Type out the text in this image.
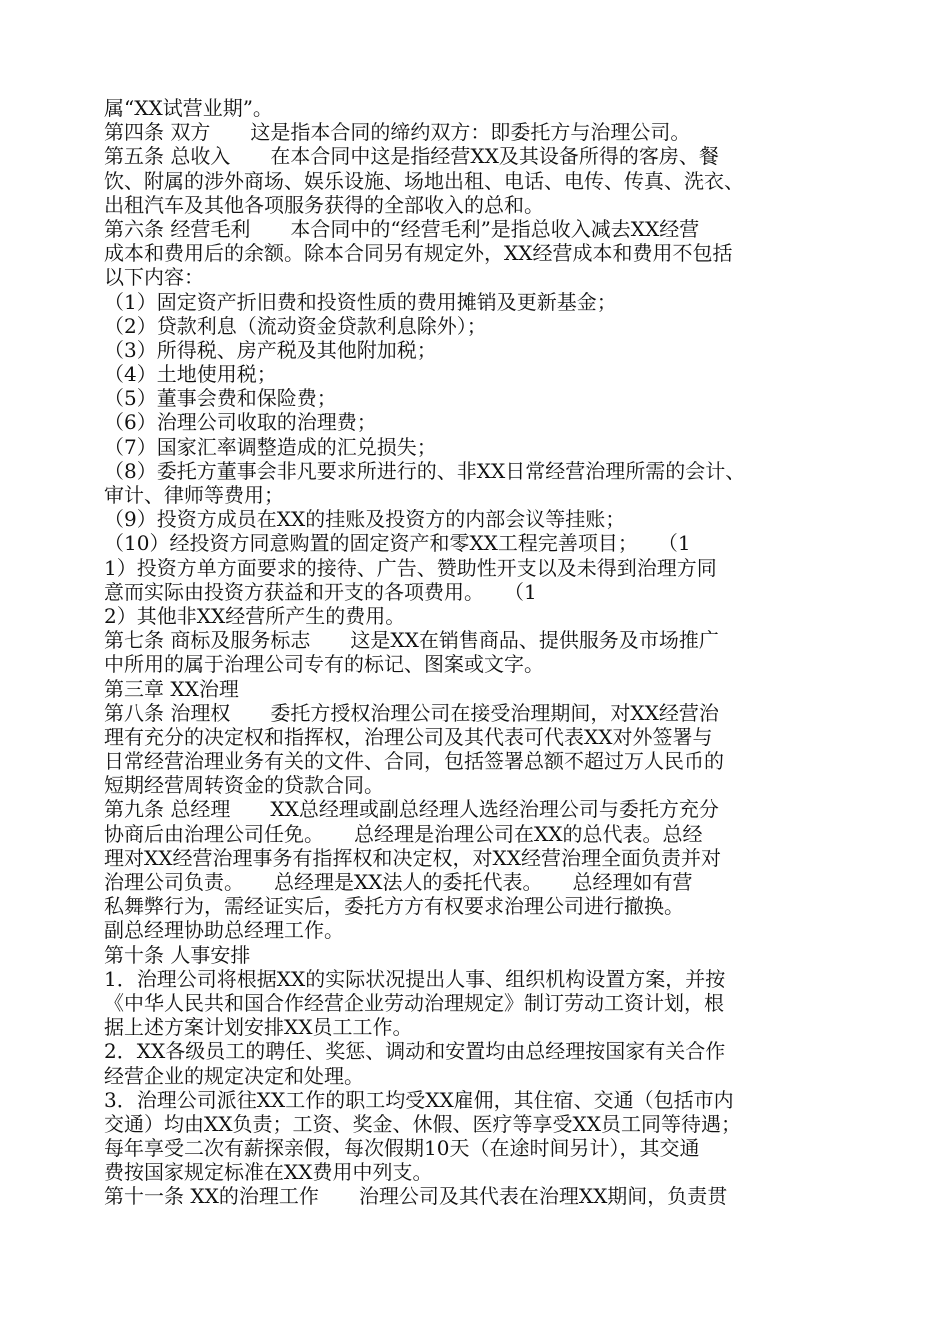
属“XX试营业期”。
第四条 双方　　这是指本合同的缔约双方：即委托方与治理公司。
第五条 总收入　　在本合同中这是指经营XX及其设备所得的客房、餐
饮、附属的涉外商场、娱乐设施、场地出租、电话、电传、传真、洗衣、
出租汽车及其他各项服务获得的全部收入的总和。
第六条 经营毛利　　本合同中的“经营毛利”是指总收入减去XX经营
成本和费用后的余额。除本合同另有规定外，XX经营成本和费用不包括
以下内容：
（1）固定资产折旧费和投资性质的费用摊销及更新基金；
（2）贷款利息（流动资金贷款利息除外）；
（3）所得税、房产税及其他附加税；
（4）土地使用税；
（5）董事会费和保险费；
（6）治理公司收取的治理费；
（7）国家汇率调整造成的汇兑损失；
（8）委托方董事会非凡要求所进行的、非XX日常经营治理所需的会计、
审计、律师等费用；
（9）投资方成员在XX的挂账及投资方的内部会议等挂账；
（10）经投资方同意购置的固定资产和零XX工程完善项目；　　（1
1）投资方单方面要求的接待、广告、赞助性开支以及未得到治理方同
意而实际由投资方获益和开支的各项费用。　　（1
2）其他非XX经营所产生的费用。
第七条 商标及服务标志　　这是XX在销售商品、提供服务及市场推广
中所用的属于治理公司专有的标记、图案或文字。
第三章 XX治理
第八条 治理权　　委托方授权治理公司在接受治理期间，对XX经营治
理有充分的决定权和指挥权，治理公司及其代表可代表XX对外签署与
日常经营治理业务有关的文件、合同，包括签署总额不超过万人民币的
短期经营周转资金的贷款合同。
第九条 总经理　　XX总经理或副总经理人选经治理公司与委托方充分
协商后由治理公司任免。　　总经理是治理公司在XX的总代表。总经
理对XX经营治理事务有指挥权和决定权，对XX经营治理全面负责并对
治理公司负责。　　总经理是XX法人的委托代表。　　总经理如有营
私舞弊行为，需经证实后，委托方方有权要求治理公司进行撤换。
副总经理协助总经理工作。
第十条 人事安排
1．治理公司将根据XX的实际状况提出人事、组织机构设置方案，并按
《中华人民共和国合作经营企业劳动治理规定》制订劳动工资计划，根
据上述方案计划安排XX员工工作。
2．XX各级员工的聘任、奖惩、调动和安置均由总经理按国家有关合作
经营企业的规定决定和处理。
3．治理公司派往XX工作的职工均受XX雇佣，其住宿、交通（包括市内
交通）均由XX负责；工资、奖金、休假、医疗等享受XX员工同等待遇；
每年享受二次有薪探亲假，每次假期10天（在途时间另计），其交通
费按国家规定标准在XX费用中列支。
第十一条 XX的治理工作　　治理公司及其代表在治理XX期间，负责贯
